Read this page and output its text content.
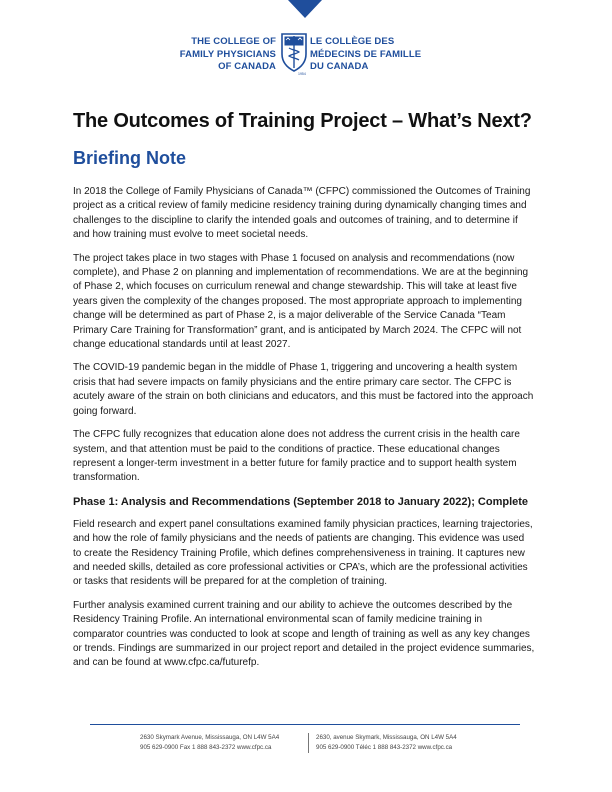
THE COLLEGE OF
FAMILY PHYSICIANS
OF CANADA
1954
LE COLLÈGE DES
MÉDECINS DE FAMILLE
DU CANADA
The Outcomes of Training Project – What’s Next?
Briefing Note

In 2018 the College of Family Physicians of Canada™ (CFPC) commissioned the Outcomes of Training project as a critical review of family medicine residency training during dynamically changing times and challenges to the discipline to clarify the intended goals and outcomes of training, and to determine if and how training must evolve to meet societal needs.

The project takes place in two stages with Phase 1 focused on analysis and recommendations (now complete), and Phase 2 on planning and implementation of recommendations. We are at the beginning of Phase 2, which focuses on curriculum renewal and change stewardship. This will take at least five years given the complexity of the changes proposed. The most appropriate approach to implementing change will be determined as part of Phase 2, is a major deliverable of the Service Canada “Team Primary Care Training for Transformation” grant, and is anticipated by March 2024. The CFPC will not change educational standards until at least 2027.

The COVID-19 pandemic began in the middle of Phase 1, triggering and uncovering a health system crisis that had severe impacts on family physicians and the entire primary care sector. The CFPC is acutely aware of the strain on both clinicians and educators, and this must be factored into the approach going forward.

The CFPC fully recognizes that education alone does not address the current crisis in the health care system, and that attention must be paid to the conditions of practice. These educational changes represent a longer-term investment in a better future for family practice and to support health system transformation.

Phase 1: Analysis and Recommendations (September 2018 to January 2022); Complete

Field research and expert panel consultations examined family physician practices, learning trajectories, and how the role of family physicians and the needs of patients are changing. This evidence was used to create the Residency Training Profile, which defines comprehensiveness in training. It captures new and needed skills, detailed as core professional activities or CPA’s, which are the professional activities or tasks that residents will be prepared for at the completion of training.

Further analysis examined current training and our ability to achieve the outcomes described by the Residency Training Profile. An international environmental scan of family medicine training in comparator countries was conducted to look at scope and length of training as well as any key changes or trends. Findings are summarized in our project report and detailed in the project evidence summaries, and can be found at www.cfpc.ca/futurefp.

2630 Skymark Avenue, Mississauga, ON L4W 5A4
905 629-0900 Fax 1 888 843-2372 www.cfpc.ca
2630, avenue Skymark, Mississauga, ON L4W 5A4
905 629-0900 Téléc 1 888 843-2372 www.cfpc.ca
